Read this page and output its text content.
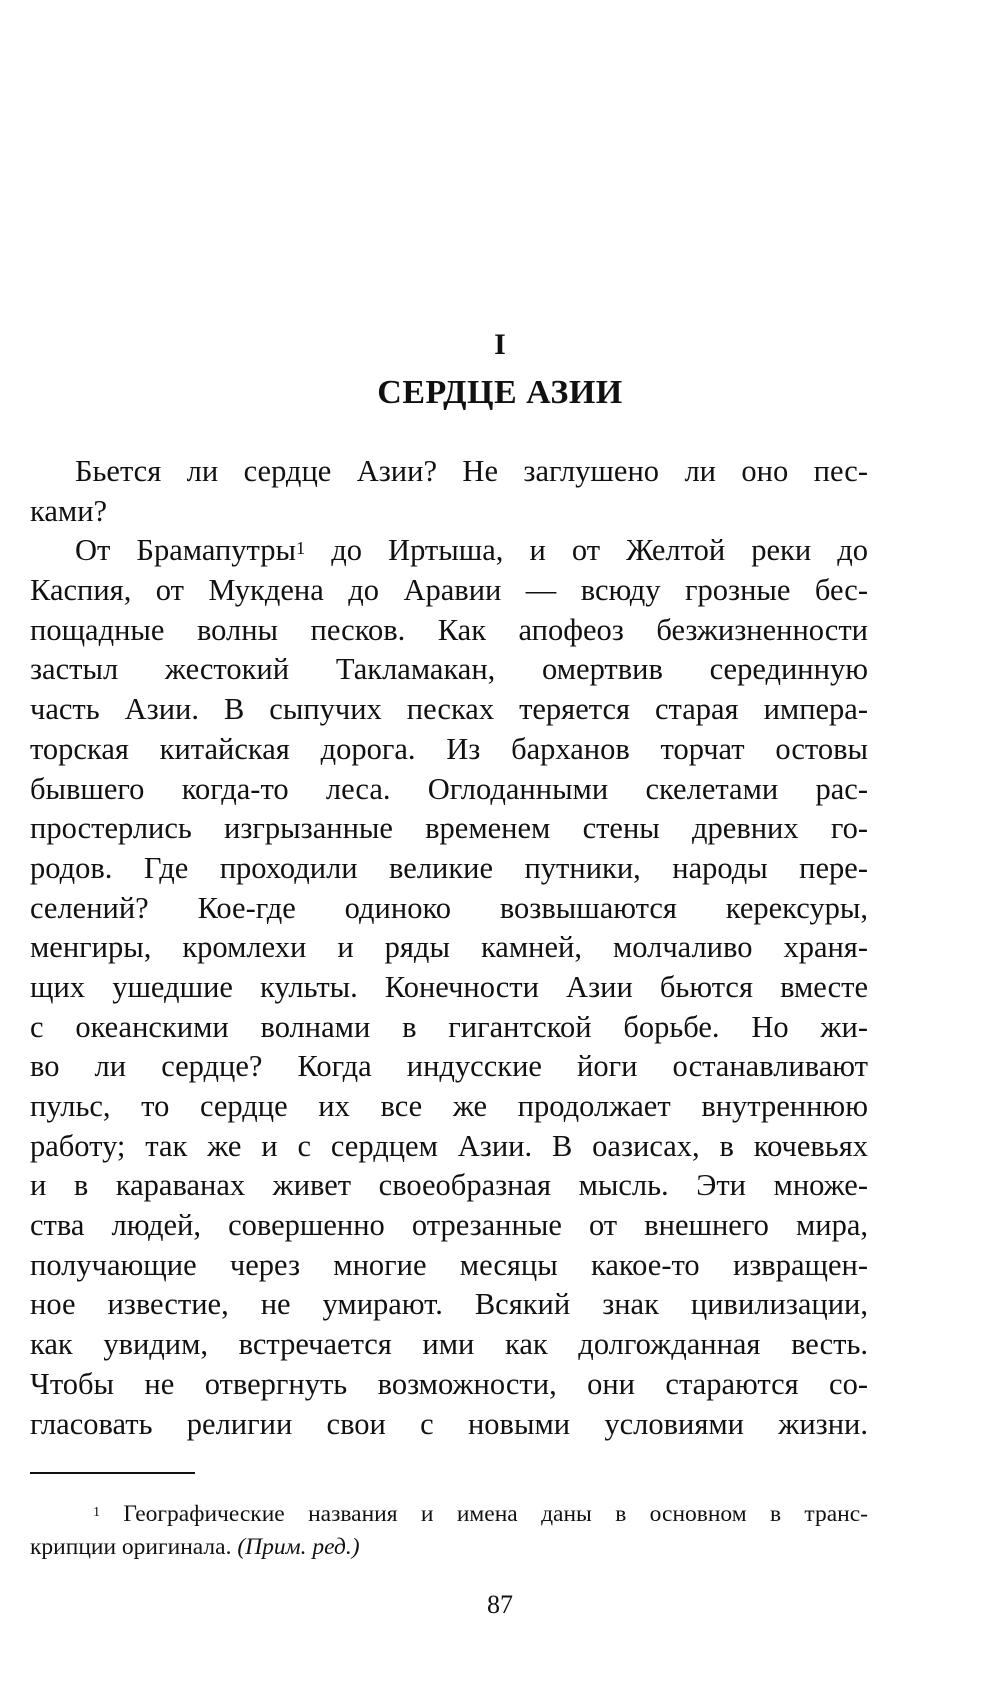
I
СЕРДЦЕ АЗИИ
Бьется ли сердце Азии? Не заглушено ли оно пес-
ками?
От Брамапутры$^1$ до Иртыша, и от Желтой реки до
Каспия, от Мукдена до Аравии — всюду грозные бес-
пощадные волны песков. Как апофеоз безжизненности
застыл жестокий Такламакан, омертвив серединную
часть Азии. В сыпучих песках теряется старая импера-
торская китайская дорога. Из барханов торчат остовы
бывшего когда-то леса. Оглоданными скелетами рас-
простерлись изгрызанные временем стены древних го-
родов. Где проходили великие путники, народы пере-
селений? Кое-где одиноко возвышаются керексуры,
менгиры, кромлехи и ряды камней, молчаливо храня-
щих ушедшие культы. Конечности Азии бьются вместе
с океанскими волнами в гигантской борьбе. Но жи-
во ли сердце? Когда индусские йоги останавливают
пульс, то сердце их все же продолжает внутреннюю
работу; так же и с сердцем Азии. В оазисах, в кочевьях
и в караванах живет своеобразная мысль. Эти множе-
ства людей, совершенно отрезанные от внешнего мира,
получающие через многие месяцы какое-то извращен-
ное известие, не умирают. Всякий знак цивилизации,
как увидим, встречается ими как долгожданная весть.
Чтобы не отвергнуть возможности, они стараются со-
гласовать религии свои с новыми условиями жизни.
$^1$ Географические названия и имена даны в основном в транс-
крипции оригинала. (Прим. ред.)
87
